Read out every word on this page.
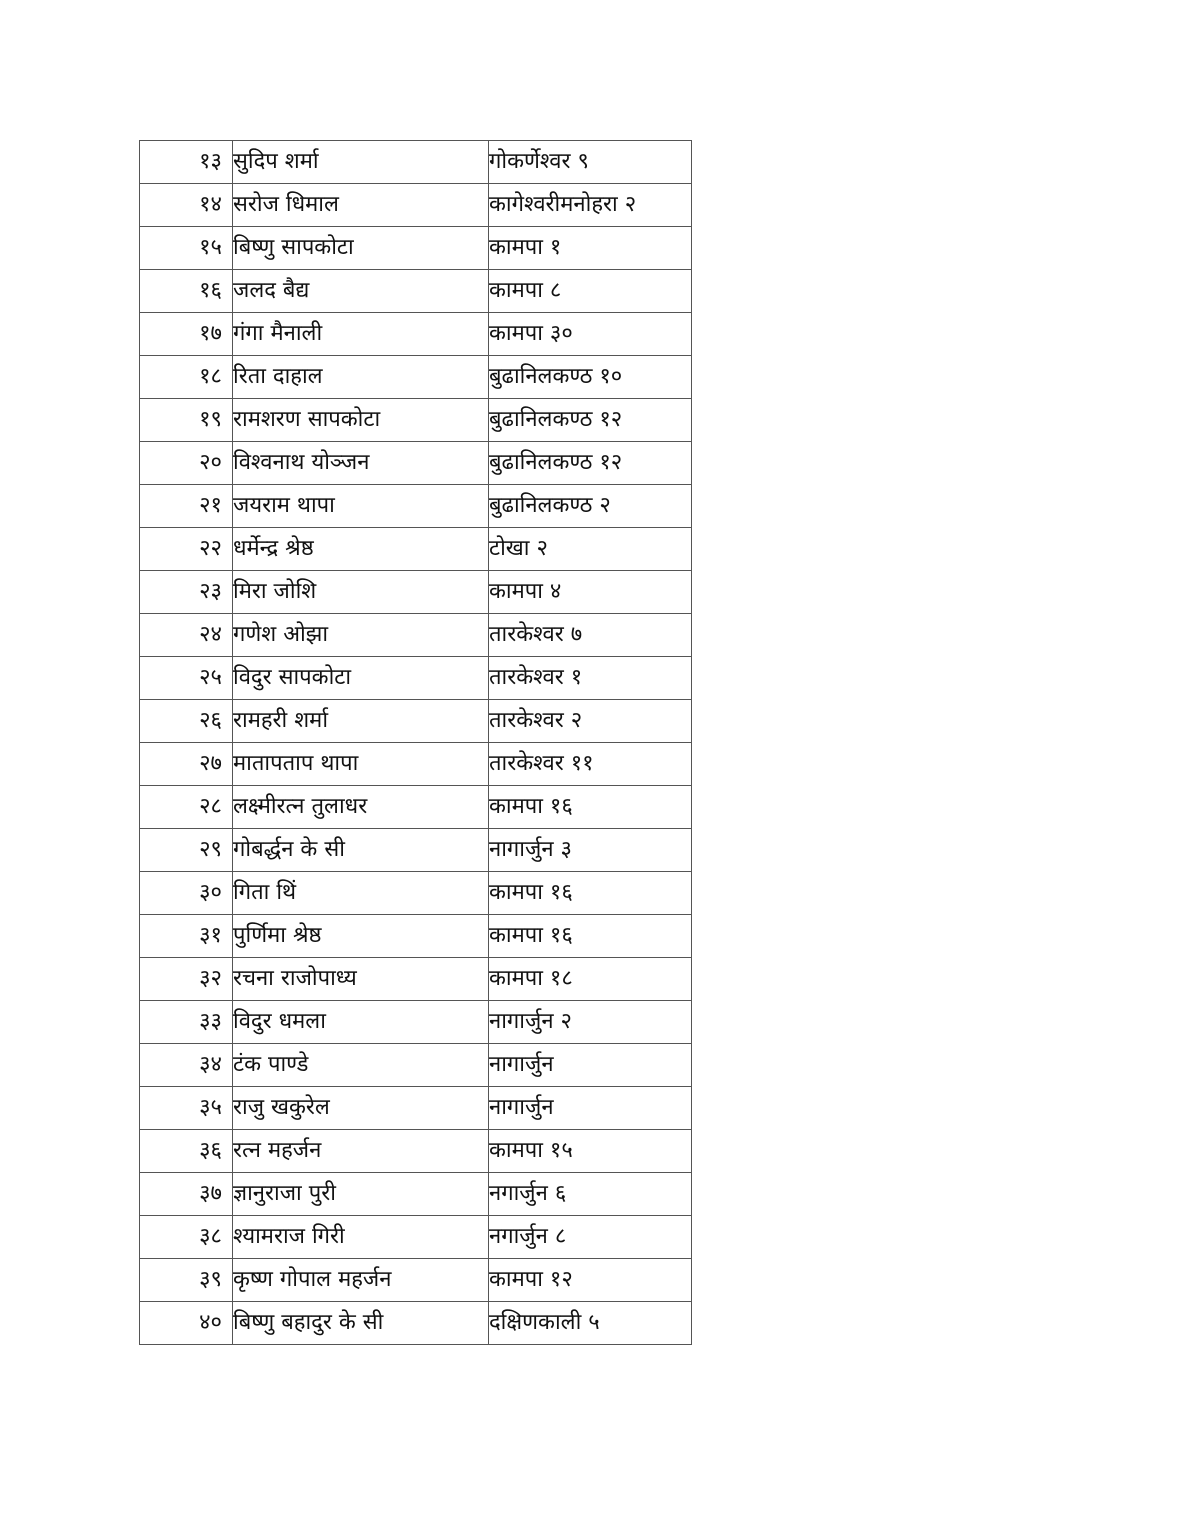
१३	सुदिप शर्मा	गोकर्णेश्वर ९
१४	सरोज धिमाल	कागेश्वरीमनोहरा २
१५	बिष्णु सापकोटा	कामपा १
१६	जलद बैद्य	कामपा ८
१७	गंगा मैनाली	कामपा ३०
१८	रिता दाहाल	बुढानिलकण्ठ १०
१९	रामशरण सापकोटा	बुढानिलकण्ठ १२
२०	विश्वनाथ योञ्जन	बुढानिलकण्ठ १२
२१	जयराम थापा	बुढानिलकण्ठ २
२२	धर्मेन्द्र श्रेष्ठ	टोखा २
२३	मिरा जोशि	कामपा ४
२४	गणेश ओझा	तारकेश्वर ७
२५	विदुर सापकोटा	तारकेश्वर १
२६	रामहरी शर्मा	तारकेश्वर २
२७	मातापताप थापा	तारकेश्वर ११
२८	लक्ष्मीरत्न तुलाधर	कामपा १६
२९	गोबर्द्धन के सी	नागार्जुन ३
३०	गिता थिं	कामपा १६
३१	पुर्णिमा श्रेष्ठ	कामपा १६
३२	रचना राजोपाध्य	कामपा १८
३३	विदुर धमला	नागार्जुन २
३४	टंक पाण्डे	नागार्जुन
३५	राजु खकुरेल	नागार्जुन
३६	रत्न महर्जन	कामपा १५
३७	ज्ञानुराजा पुरी	नगार्जुन ६
३८	श्यामराज गिरी	नगार्जुन ८
३९	कृष्ण गोपाल महर्जन	कामपा १२
४०	बिष्णु बहादुर के सी	दक्षिणकाली ५
